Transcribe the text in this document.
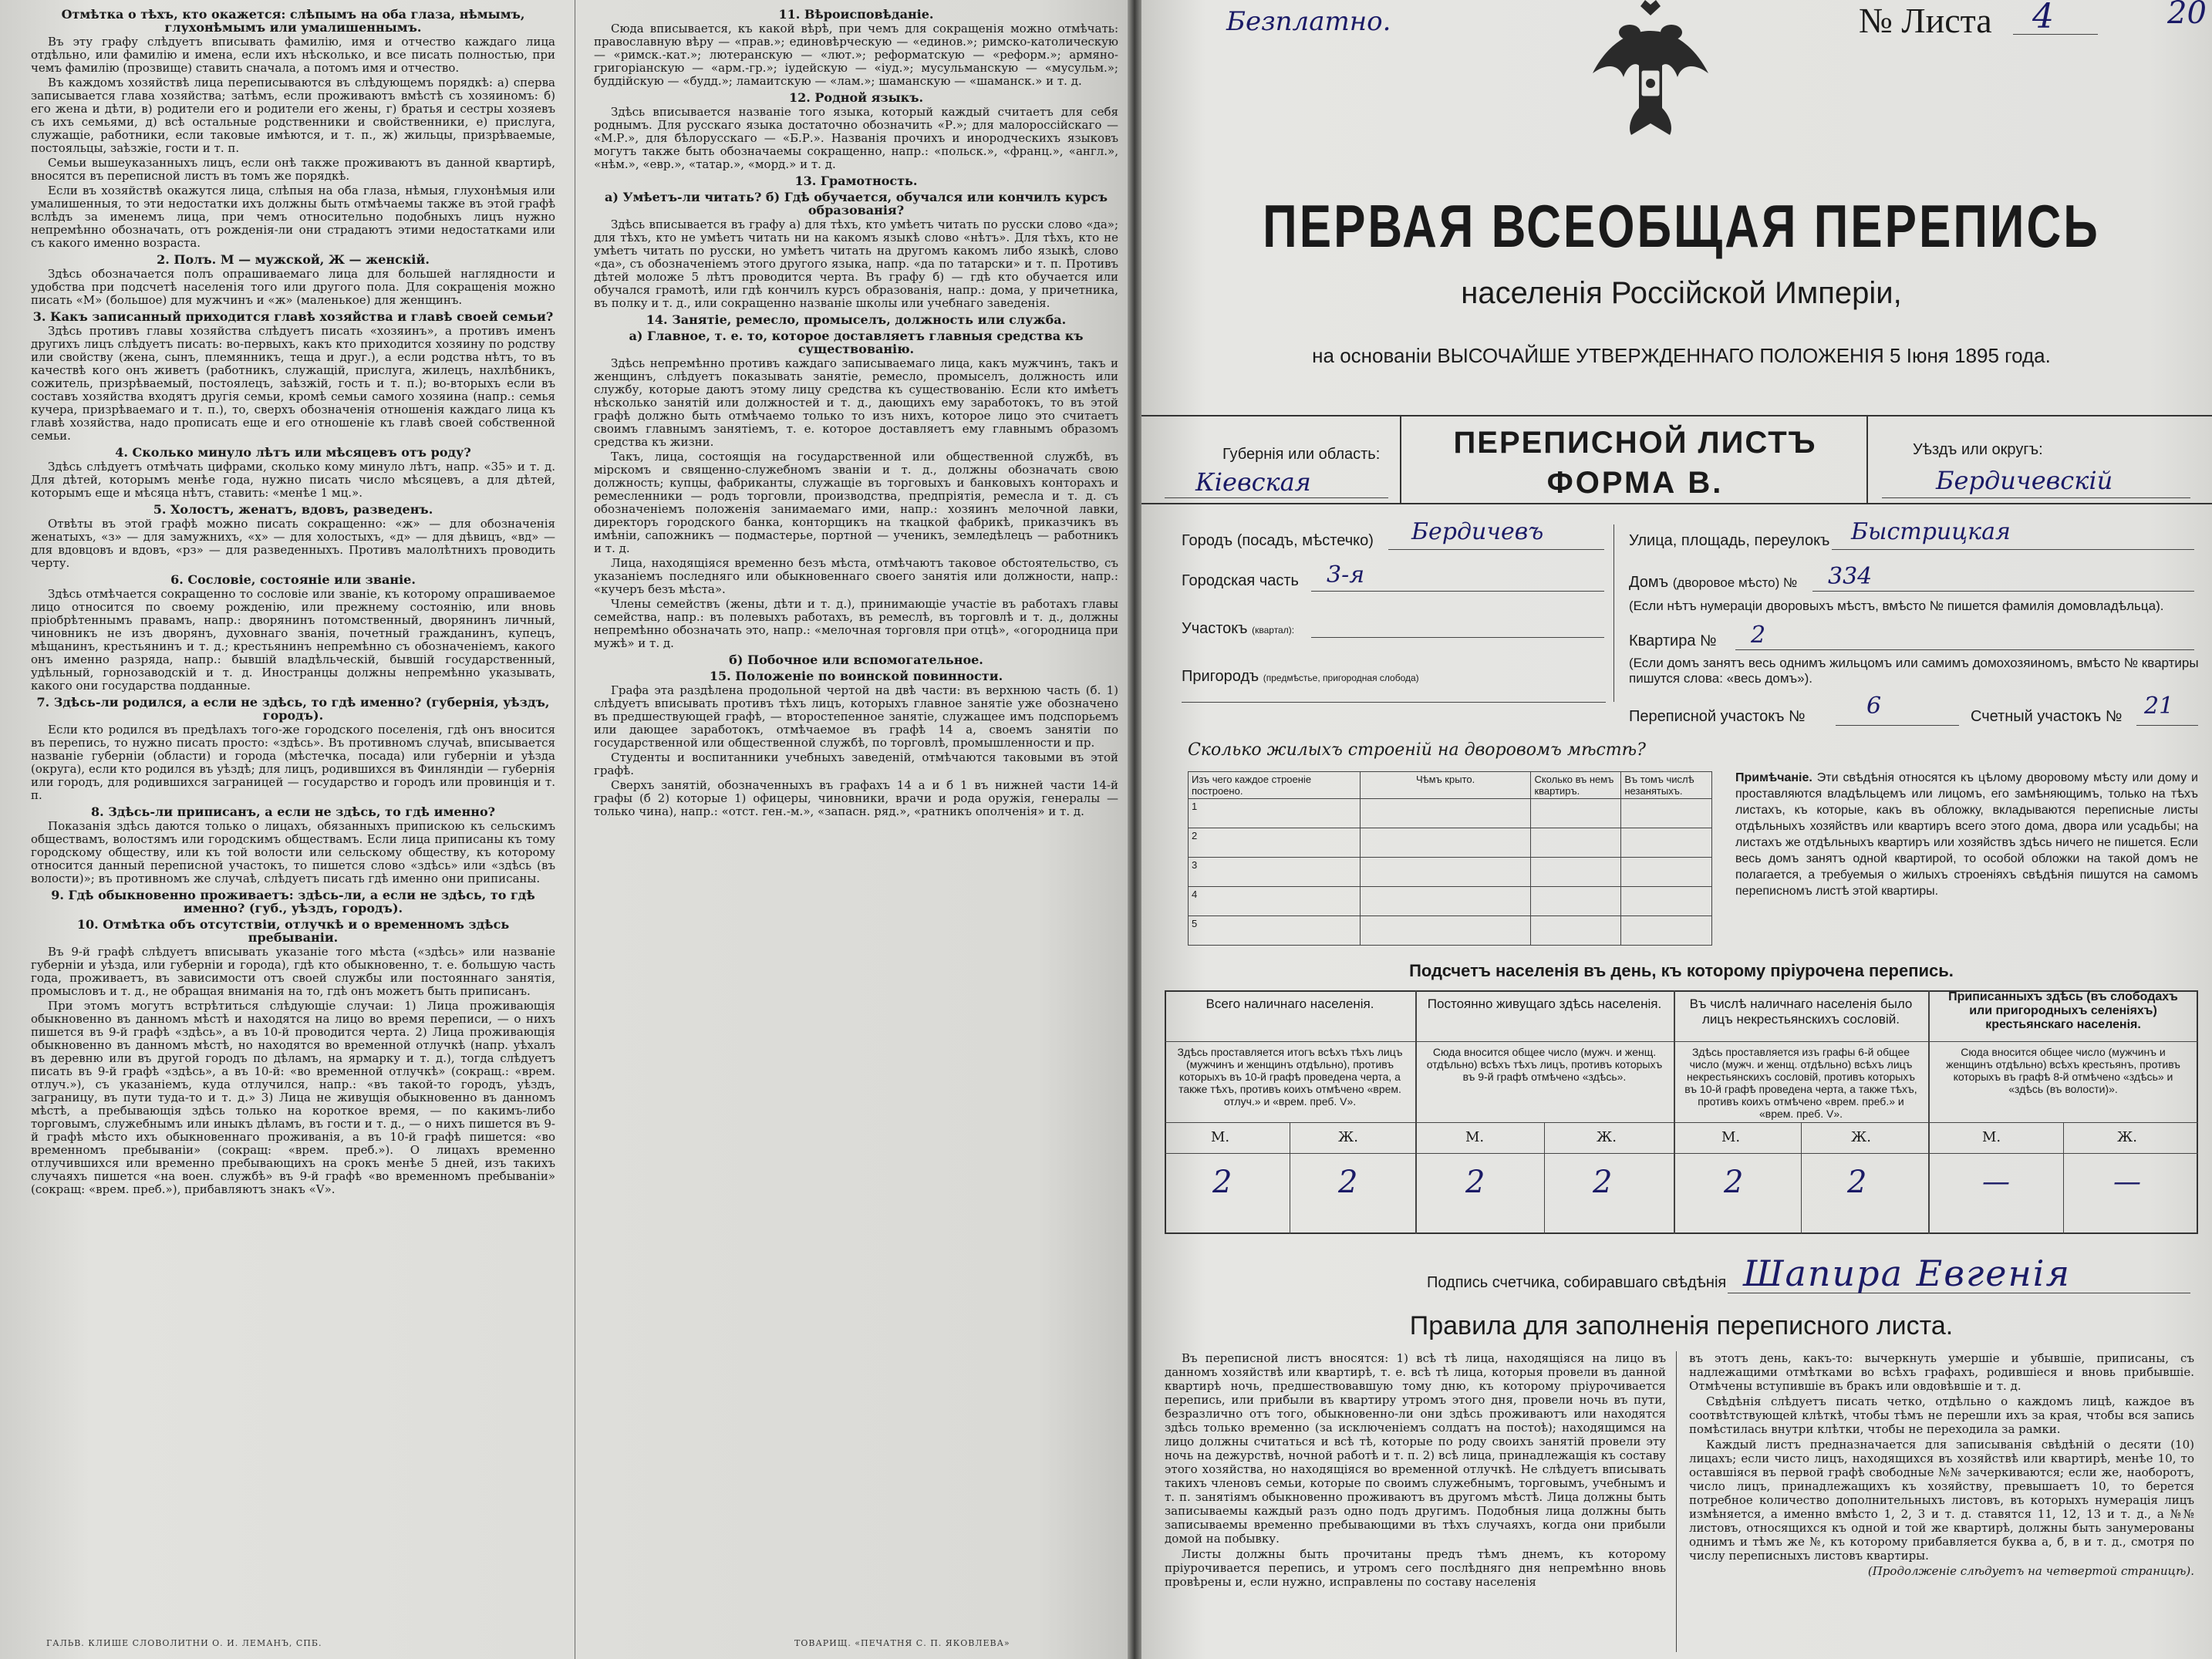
Отмѣтка о тѣхъ, кто окажется: слѣпымъ на оба глаза, нѣмымъ, глухонѣмымъ или умалишеннымъ.

Въ эту графу слѣдуетъ вписывать фамилію, имя и отчество каждаго лица отдѣльно, или фамилію и имена, если ихъ нѣсколько, и все писать полностью, при чемъ фамилію (прозвище) ставить сначала, а потомъ имя и отчество.

Въ каждомъ хозяйствѣ лица переписываются въ слѣдующемъ порядкѣ: а) сперва записывается глава хозяйства; затѣмъ, если проживаютъ вмѣстѣ съ хозяиномъ: б) его жена и дѣти, в) родители его и родители его жены, г) братья и сестры хозяевъ съ ихъ семьями, д) всѣ остальные родственники и свойственники, е) прислуга, служащіе, работники, если таковые имѣются, и т. п., ж) жильцы, призрѣваемые, постояльцы, заѣзжіе, гости и т. п.

Семьи вышеуказанныхъ лицъ, если онѣ также проживаютъ въ данной квартирѣ, вносятся въ переписной листъ въ томъ же порядкѣ.

Если въ хозяйствѣ окажутся лица, слѣпыя на оба глаза, нѣмыя, глухонѣмыя или умалишенныя, то эти недостатки ихъ должны быть отмѣчаемы также въ этой графѣ вслѣдъ за именемъ лица, при чемъ относительно подобныхъ лицъ нужно непремѣнно обозначать, отъ рожденія-ли они страдаютъ этими недостатками или съ какого именно возраста.

2. Полъ. М — мужской, Ж — женскій.

Здѣсь обозначается полъ опрашиваемаго лица для большей наглядности и удобства при подсчетѣ населенія того или другого пола. Для сокращенія можно писать «М» (большое) для мужчинъ и «ж» (маленькое) для женщинъ.

3. Какъ записанный приходится главѣ хозяйства и главѣ своей семьи?

Здѣсь противъ главы хозяйства слѣдуетъ писать «хозяинъ», а противъ именъ другихъ лицъ слѣдуетъ писать: во-первыхъ, какъ кто приходится хозяину по родству или свойству (жена, сынъ, племянникъ, теща и друг.), а если родства нѣтъ, то въ качествѣ кого онъ живетъ (работникъ, служащій, прислуга, жилецъ, нахлѣбникъ, сожитель, призрѣваемый, постоялецъ, заѣзжій, гость и т. п.); во-вторыхъ если въ составъ хозяйства входятъ другія семьи, кромѣ семьи самого хозяина (напр.: семья кучера, призрѣваемаго и т. п.), то, сверхъ обозначенія отношенія каждаго лица къ главѣ хозяйства, надо прописать еще и его отношеніе къ главѣ своей собственной семьи.

4. Сколько минуло лѣтъ или мѣсяцевъ отъ роду?

Здѣсь слѣдуетъ отмѣчать цифрами, сколько кому минуло лѣтъ, напр. «35» и т. д. Для дѣтей, которымъ менѣе года, нужно писать число мѣсяцевъ, а для дѣтей, которымъ еще и мѣсяца нѣтъ, ставить: «менѣе 1 мц.».

5. Холостъ, женатъ, вдовъ, разведенъ.

Отвѣты въ этой графѣ можно писать сокращенно: «ж» — для обозначенія женатыхъ, «з» — для замужнихъ, «х» — для холостыхъ, «д» — для дѣвицъ, «вд» — для вдовцовъ и вдовъ, «рз» — для разведенныхъ. Противъ малолѣтнихъ проводить черту.

6. Сословіе, состояніе или званіе.

Здѣсь отмѣчается сокращенно то сословіе или званіе, къ которому опрашиваемое лицо относится по своему рожденію, или прежнему состоянію, или вновь пріобрѣтеннымъ правамъ, напр.: дворянинъ потомственный, дворянинъ личный, чиновникъ не изъ дворянъ, духовнаго званія, почетный гражданинъ, купецъ, мѣщанинъ, крестьянинъ и т. д.; крестьянинъ непремѣнно съ обозначеніемъ, какого онъ именно разряда, напр.: бывшій владѣльческій, бывшій государственный, удѣльный, горнозаводскій и т. д. Иностранцы должны непремѣнно указывать, какого они государства подданные.

7. Здѣсь-ли родился, а если не здѣсь, то гдѣ именно? (губернія, уѣздъ, городъ).

Если кто родился въ предѣлахъ того-же городского поселенія, гдѣ онъ вносится въ перепись, то нужно писать просто: «здѣсь». Въ противномъ случаѣ, вписывается названіе губерніи (области) и города (мѣстечка, посада) или губерніи и уѣзда (округа), если кто родился въ уѣздѣ; для лицъ, родившихся въ Финляндіи — губернія или городъ, для родившихся заграницей — государство и городъ или провинція и т. п.

8. Здѣсь-ли приписанъ, а если не здѣсь, то гдѣ именно?

Показанія здѣсь даются только о лицахъ, обязанныхъ припискою къ сельскимъ обществамъ, волостямъ или городскимъ обществамъ. Если лица приписаны къ тому городскому обществу, или къ той волости или сельскому обществу, къ которому относится данный переписной участокъ, то пишется слово «здѣсь» или «здѣсь (въ волости)»; въ противномъ же случаѣ, слѣдуетъ писать гдѣ именно они приписаны.

9. Гдѣ обыкновенно проживаетъ: здѣсь-ли, а если не здѣсь, то гдѣ именно? (губ., уѣздъ, городъ).
10. Отмѣтка объ отсутствіи, отлучкѣ и о временномъ здѣсь пребываніи.

Въ 9-й графѣ слѣдуетъ вписывать указаніе того мѣста («здѣсь» или названіе губерніи и уѣзда, или губерніи и города), гдѣ кто обыкновенно, т. е. большую часть года, проживаетъ, въ зависимости отъ своей службы или постояннаго занятія, промысловъ и т. д., не обращая вниманія на то, гдѣ онъ можетъ быть приписанъ.

При этомъ могутъ встрѣтиться слѣдующіе случаи: 1) Лица проживающія обыкновенно въ данномъ мѣстѣ и находятся на лицо во время переписи, — о нихъ пишется въ 9-й графѣ «здѣсь», а въ 10-й проводится черта. 2) Лица проживающія обыкновенно въ данномъ мѣстѣ, но находятся во временной отлучкѣ (напр. уѣхалъ въ деревню или въ другой городъ по дѣламъ, на ярмарку и т. д.), тогда слѣдуетъ писать въ 9-й графѣ «здѣсь», а въ 10-й: «во временной отлучкѣ» (сокращ.: «врем. отлуч.»), съ указаніемъ, куда отлучился, напр.: «въ такой-то городъ, уѣздъ, заграницу, въ пути туда-то и т. д.» 3) Лица не живущія обыкновенно въ данномъ мѣстѣ, а пребывающія здѣсь только на короткое время, — по какимъ-либо торговымъ, служебнымъ или иныкъ дѣламъ, въ гости и т. д., — о нихъ пишется въ 9-й графѣ мѣсто ихъ обыкновеннаго проживанія, а въ 10-й графѣ пишется: «во временномъ пребываніи» (сокращ: «врем. преб.»). О лицахъ временно отлучившихся или временно пребывающихъ на срокъ менѣе 5 дней, изъ такихъ случаяхъ пишется «на воен. службѣ» въ 9-й графѣ «во временномъ пребываніи» (сокращ: «врем. преб.»), прибавляютъ знакъ «V».

11. Вѣроисповѣданіе.

Сюда вписывается, къ какой вѣрѣ, при чемъ для сокращенія можно отмѣчать: православную вѣру — «прав.»; единовѣрческую — «единов.»; римско-католическую — «римск.-кат.»; лютеранскую — «лют.»; реформатскую — «реформ.»; армяно-григоріанскую — «арм.-гр.»; іудейскую — «іуд.»; мусульманскую — «мусульм.»; буддійскую — «будд.»; ламаитскую — «лам.»; шаманскую — «шаманск.» и т. д.

12. Родной языкъ.

Здѣсь вписывается названіе того языка, который каждый считаетъ для себя роднымъ. Для русскаго языка достаточно обозначить «Р.»; для малороссійскаго — «М.Р.», для бѣлорусскаго — «Б.Р.». Названія прочихъ и инородческихъ языковъ могутъ также быть обозначаемы сокращенно, напр.: «польск.», «франц.», «англ.», «нѣм.», «евр.», «татар.», «морд.» и т. д.

13. Грамотность.
а) Умѣетъ-ли читать? б) Гдѣ обучается, обучался или кончилъ курсъ образованія?

Здѣсь вписывается въ графу а) для тѣхъ, кто умѣетъ читать по русски слово «да»; для тѣхъ, кто не умѣетъ читать ни на какомъ языкѣ слово «нѣтъ». Для тѣхъ, кто не умѣетъ читать по русски, но умѣетъ читать на другомъ какомъ либо языкѣ, слово «да», съ обозначеніемъ этого другого языка, напр. «да по татарски» и т. п. Противъ дѣтей моложе 5 лѣтъ проводится черта. Въ графу б) — гдѣ кто обучается или обучался грамотѣ, или гдѣ кончилъ курсъ образованія, напр.: дома, у причетника, въ полку и т. д., или сокращенно названіе школы или учебнаго заведенія.

14. Занятіе, ремесло, промыселъ, должность или служба.
а) Главное, т. е. то, которое доставляетъ главныя средства къ существованію.

Здѣсь непремѣнно противъ каждаго записываемаго лица, какъ мужчинъ, такъ и женщинъ, слѣдуетъ показывать занятіе, ремесло, промыселъ, должность или службу, которые даютъ этому лицу средства къ существованію. Если кто имѣетъ нѣсколько занятій или должностей и т. д., дающихъ ему заработокъ, то въ этой графѣ должно быть отмѣчаемо только то изъ нихъ, которое лицо это считаетъ своимъ главнымъ занятіемъ, т. е. которое доставляетъ ему главнымъ образомъ средства къ жизни.

Такъ, лица, состоящія на государственной или общественной службѣ, въ мірскомъ и священно-служебномъ званіи и т. д., должны обозначать свою должность; купцы, фабриканты, служащіе въ торговыхъ и банковыхъ конторахъ и ремесленники — родъ торговли, производства, предпріятія, ремесла и т. д. съ обозначеніемъ положенія занимаемаго ими, напр.: хозяинъ мелочной лавки, директоръ городского банка, конторщикъ на ткацкой фабрикѣ, приказчикъ въ имѣніи, сапожникъ — подмастерье, портной — ученикъ, земледѣлецъ — работникъ и т. д.

Лица, находящіяся временно безъ мѣста, отмѣчаютъ таковое обстоятельство, съ указаніемъ последняго или обыкновеннаго своего занятія или должности, напр.: «кучеръ безъ мѣста».

Члены семействъ (жены, дѣти и т. д.), принимающіе участіе въ работахъ главы семейства, напр.: въ полевыхъ работахъ, въ ремеслѣ, въ торговлѣ и т. д., должны непремѣнно обозначать это, напр.: «мелочная торговля при отцѣ», «огородница при мужѣ» и т. д.

б) Побочное или вспомогательное.
15. Положеніе по воинской повинности.

Графа эта раздѣлена продольной чертой на двѣ части: въ верхнюю часть (б. 1) слѣдуетъ вписывать противъ тѣхъ лицъ, которыхъ главное занятіе уже обозначено въ предшествующей графѣ, — второстепенное занятіе, служащее имъ подспорьемъ или дающее заработокъ, отмѣчаемое въ графѣ 14 а, своемъ занятіи по государственной или общественной службѣ, по торговлѣ, промышленности и пр.

Студенты и воспитанники учебныхъ заведеній, отмѣчаются таковыми въ этой графѣ.

Сверхъ занятій, обозначенныхъ въ графахъ 14 а и б 1 въ нижней части 14-й графы (б 2) которые 1) офицеры, чиновники, врачи и рода оружія, генералы — только чина), напр.: «отст. ген.-м.», «запасн. ряд.», «ратникъ ополченія» и т. д.

ГАЛЬВ. КЛИШЕ СЛОВОЛИТНИ О. И. ЛЕМАНЪ, СПБ.	ТОВАРИЩ. «ПЕЧАТНЯ С. П. ЯКОВЛЕВА»
Безплатно.	№ Листа 4	20
ПЕРВАЯ ВСЕОБЩАЯ ПЕРЕПИСЬ
населенія Россійской Имперіи,
на основаніи ВЫСОЧАЙШЕ УТВЕРЖДЕННАГО ПОЛОЖЕНІЯ 5 Іюня 1895 года.
Губернія или область:
Кіевская
ПЕРЕПИСНОЙ ЛИСТЪ
ФОРМА В.
Уѣздъ или округъ:
Бердичевскій
Городъ (посадъ, мѣстечко) Бердичевъ
Городская часть 3-я
Участокъ (квартал):
Пригородъ (предмѣстье, пригородная слобода)
Улица, площадь, переулокъ Быстрицкая
Домъ (дворовое мѣсто) № 334
(Если нѣтъ нумераціи дворовыхъ мѣстъ, вмѣсто № пишется фамилія домовладѣльца).
Квартира № 2
(Если домъ занятъ весь однимъ жильцомъ или самимъ домохозяиномъ, вмѣсто № квартиры пишутся слова: «весь домъ»).
Переписной участокъ №	6	Счетный участокъ № 21
Сколько жилыхъ строеній на дворовомъ мѣстѣ?
Изъ чего каждое строеніе построено.	Чѣмъ крыто.	Сколько въ немъ квартиръ.	Въ томъ числѣ незанятыхъ.
1			
2			
3			
4			
5			
Примѣчаніе. Эти свѣдѣнія относятся къ цѣлому дворовому мѣсту или дому и проставляются владѣльцемъ или лицомъ, его замѣняющимъ, только на тѣхъ листахъ, къ которые, какъ въ обложку, вкладываются переписные листы отдѣльныхъ хозяйствъ или квартиръ всего этого дома, двора или усадьбы; на листахъ же отдѣльныхъ квартиръ или хозяйствъ здѣсь ничего не пишется. Если весь домъ занятъ одной квартирой, то особой обложки на такой домъ не полагается, а требуемыя о жилыхъ строеніяхъ свѣдѣнія пишутся на самомъ переписномъ листѣ этой квартиры.
Подсчетъ населенія въ день, къ которому пріурочена перепись.
Всего наличнаго населенія.	Постоянно живущаго здѣсь населенія.	Въ числѣ наличнаго населенія было лицъ некрестьянскихъ сословій.
Приписанныхъ здѣсь (въ слободахъ или пригородныхъ селеніяхъ) крестьянскаго населенія.
Здѣсь проставляется итогъ всѣхъ тѣхъ лицъ (мужчинъ и женщинъ отдѣльно), противъ которыхъ въ 10-й графѣ проведена черта, а также тѣхъ, противъ коихъ отмѣчено «врем. отлуч.» и «врем. преб. V».
Сюда вносится общее число (мужч. и женщ. отдѣльно) всѣхъ тѣхъ лицъ, противъ которыхъ въ 9-й графѣ отмѣчено «здѣсь».
Здѣсь проставляется изъ графы 6-й общее число (мужч. и женщ. отдѣльно) всѣхъ лицъ некрестьянскихъ сословій, противъ которыхъ въ 10-й графѣ проведена черта, а также тѣхъ, противъ коихъ отмѣчено «врем. преб.» и «врем. преб. V».
Сюда вносится общее число (мужчинъ и женщинъ отдѣльно) всѣхъ крестьянъ, противъ которыхъ въ графѣ 8-й отмѣчено «здѣсь» и «здѣсь (въ волости)».
М.	Ж.	М.	Ж.	М.	Ж.	М.	Ж.
2	2	2	2	2	2	—	—
Подпись счетчика, собиравшаго свѣдѣнія Шапира Евгенія
Правила для заполненія переписного листа.

Въ переписной листъ вносятся: 1) всѣ тѣ лица, находящіяся на лицо въ данномъ хозяйствѣ или квартирѣ, т. е. всѣ тѣ лица, которыя провели въ данной квартирѣ ночь, предшествовавшую тому дню, къ которому пріурочивается перепись, или прибыли въ квартиру утромъ этого дня, провели ночь въ пути, безразлично отъ того, обыкновенно-ли они здѣсь проживаютъ или находятся здѣсь только временно (за исключеніемъ солдатъ на постоѣ); находящимся на лицо должны считаться и всѣ тѣ, которые по роду своихъ занятій провели эту ночь на дежурствѣ, ночной работѣ и т. п. 2) всѣ лица, принадлежащія къ составу этого хозяйства, но находящіяся во временной отлучкѣ. Не слѣдуетъ вписывать такихъ членовъ семьи, которые по своимъ служебнымъ, торговымъ, учебнымъ и т. п. занятіямъ обыкновенно проживаютъ въ другомъ мѣстѣ. Лица должны быть записываемы каждый разъ одно подъ другимъ. Подобныя лица должны быть записываемы временно пребывающими въ тѣхъ случаяхъ, когда они прибыли домой на побывку.

Листы должны быть прочитаны предъ тѣмъ днемъ, къ которому пріурочивается перепись, и утромъ сего послѣдняго дня непремѣнно вновь провѣрены и, если нужно, исправлены по составу населенія

въ этотъ день, какъ-то: вычеркнуть умершіе и убывшіе, приписаны, съ надлежащими отмѣтками во всѣхъ графахъ, родившіеся и вновь прибывшіе. Отмѣчены вступившіе въ бракъ или овдовѣвшіе и т. д.

Свѣдѣнія слѣдуетъ писать четко, отдѣльно о каждомъ лицѣ, каждое въ соотвѣтствующей клѣткѣ, чтобы тѣмъ не перешли ихъ за края, чтобы вся запись помѣстилась внутри клѣтки, чтобы не переходила за рамки.

Каждый листъ предназначается для записыванія свѣдѣній о десяти (10) лицахъ; если чисто лицъ, находящихся въ хозяйствѣ или квартирѣ, менѣе 10, то оставшіяся въ первой графѣ свободные №№ зачеркиваются; если же, наоборотъ, число лицъ, принадлежащихъ къ хозяйству, превышаетъ 10, то берется потребное количество дополнительныхъ листовъ, въ которыхъ нумерація лицъ измѣняется, а именно вмѣсто 1, 2, 3 и т. д. ставятся 11, 12, 13 и т. д., а №№ листовъ, относящихся къ одной и той же квартирѣ, должны быть занумерованы однимъ и тѣмъ же №, къ которому прибавляется буква а, б, в и т. д., смотря по числу переписныхъ листовъ квартиры.

(Продолженіе слѣдуетъ на четвертой страницѣ).
